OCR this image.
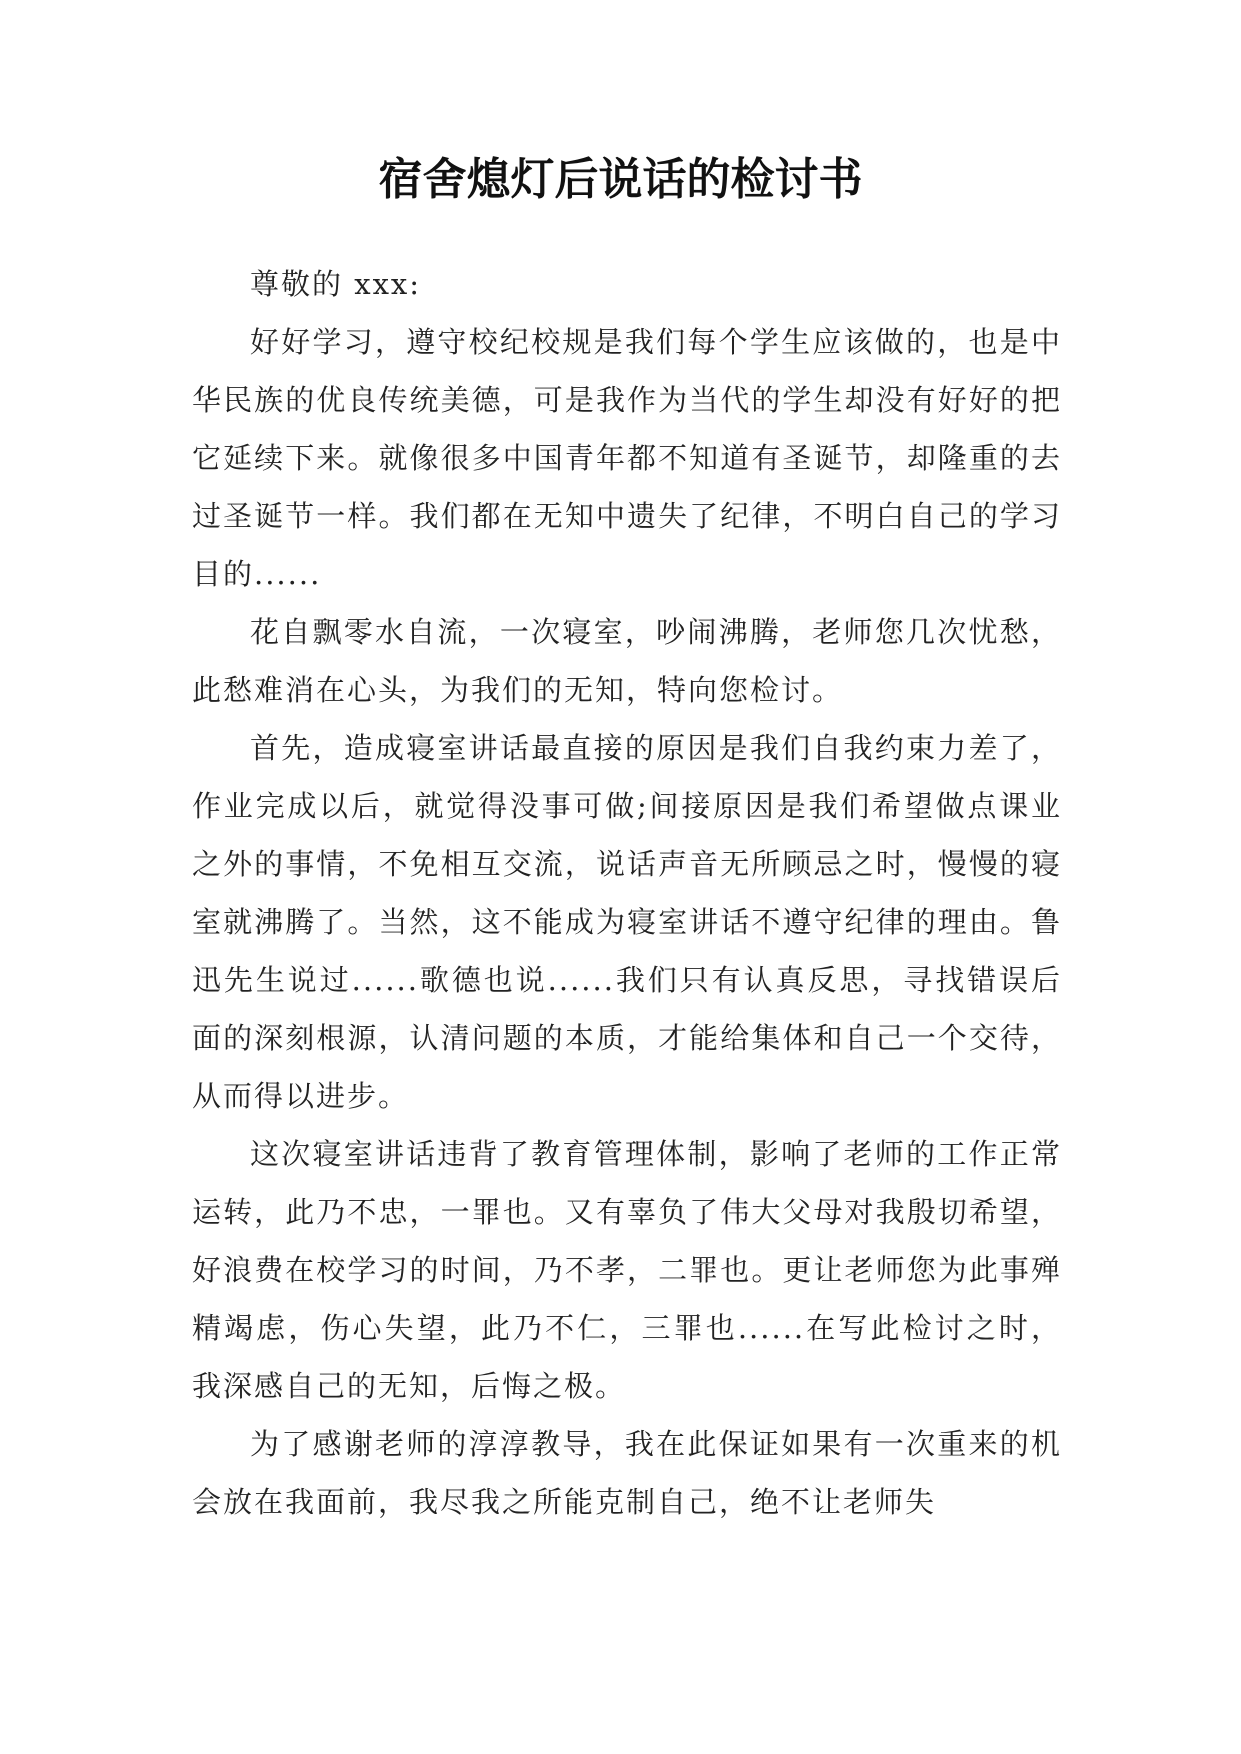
宿舍熄灯后说话的检讨书

尊敬的 xxx:

好好学习，遵守校纪校规是我们每个学生应该做的，也是中华民族的优良传统美德，可是我作为当代的学生却没有好好的把它延续下来。就像很多中国青年都不知道有圣诞节，却隆重的去过圣诞节一样。我们都在无知中遗失了纪律，不明白自己的学习目的......

花自飘零水自流，一次寝室，吵闹沸腾，老师您几次忧愁，此愁难消在心头，为我们的无知，特向您检讨。

首先，造成寝室讲话最直接的原因是我们自我约束力差了，作业完成以后，就觉得没事可做;间接原因是我们希望做点课业之外的事情，不免相互交流，说话声音无所顾忌之时，慢慢的寝室就沸腾了。当然，这不能成为寝室讲话不遵守纪律的理由。鲁迅先生说过......歌德也说......我们只有认真反思，寻找错误后面的深刻根源，认清问题的本质，才能给集体和自己一个交待，从而得以进步。

这次寝室讲话违背了教育管理体制，影响了老师的工作正常运转，此乃不忠，一罪也。又有辜负了伟大父母对我殷切希望，好浪费在校学习的时间，乃不孝，二罪也。更让老师您为此事殚精竭虑，伤心失望，此乃不仁，三罪也......在写此检讨之时，我深感自己的无知，后悔之极。

为了感谢老师的淳淳教导，我在此保证如果有一次重来的机会放在我面前，我尽我之所能克制自己，绝不让老师失
